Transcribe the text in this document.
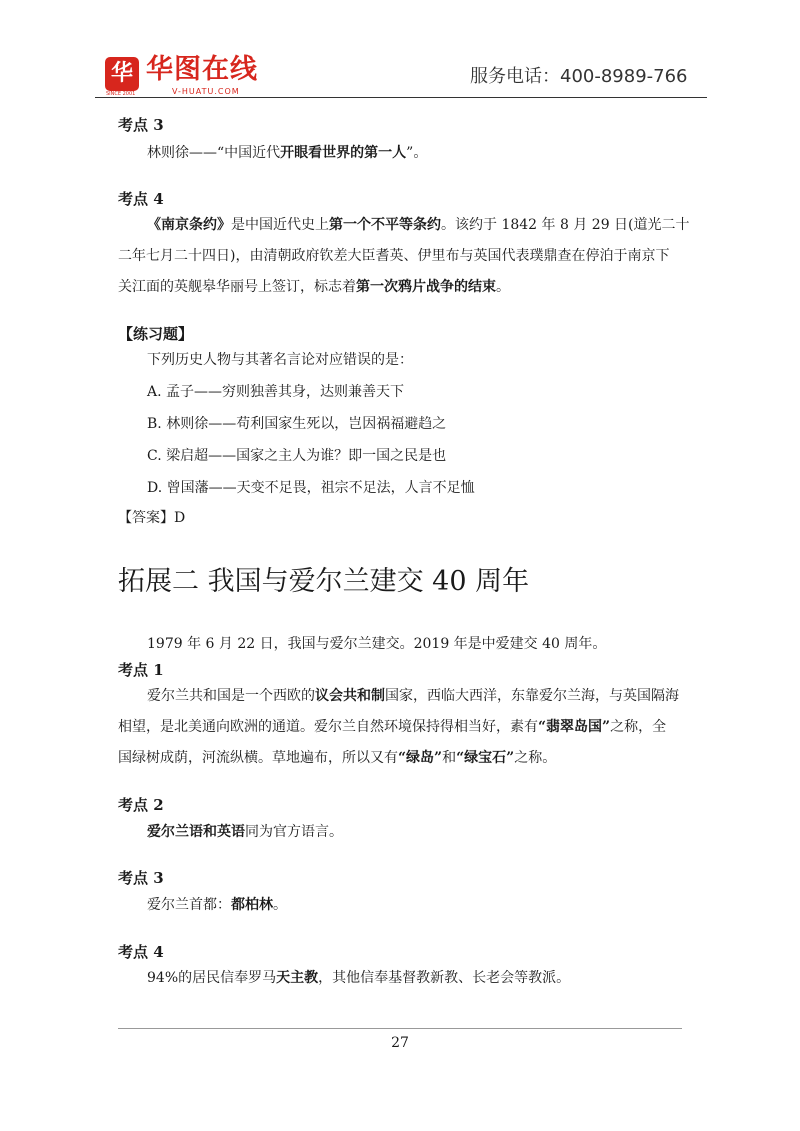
华 华图在线
V-HUATU.COM
SINCE 2001
服务电话：400-8989-766
考点 3
林则徐——“中国近代开眼看世界的第一人”。
考点 4
《南京条约》是中国近代史上第一个不平等条约。该约于 1842 年 8 月 29 日(道光二十
二年七月二十四日)，由清朝政府钦差大臣耆英、伊里布与英国代表璞鼎查在停泊于南京下
关江面的英舰皋华丽号上签订，标志着第一次鸦片战争的结束。
【练习题】
下列历史人物与其著名言论对应错误的是：
A. 孟子——穷则独善其身，达则兼善天下
B. 林则徐——苟利国家生死以，岂因祸福避趋之
C. 梁启超——国家之主人为谁？即一国之民是也
D. 曾国藩——天变不足畏，祖宗不足法，人言不足恤
【答案】D
拓展二 我国与爱尔兰建交 40 周年
1979 年 6 月 22 日，我国与爱尔兰建交。2019 年是中爱建交 40 周年。
考点 1
爱尔兰共和国是一个西欧的议会共和制国家，西临大西洋，东靠爱尔兰海，与英国隔海
相望，是北美通向欧洲的通道。爱尔兰自然环境保持得相当好，素有“翡翠岛国”之称，全
国绿树成荫，河流纵横。草地遍布，所以又有“绿岛”和“绿宝石”之称。
考点 2
爱尔兰语和英语同为官方语言。
考点 3
爱尔兰首都：都柏林。
考点 4
94%的居民信奉罗马天主教，其他信奉基督教新教、长老会等教派。
27
